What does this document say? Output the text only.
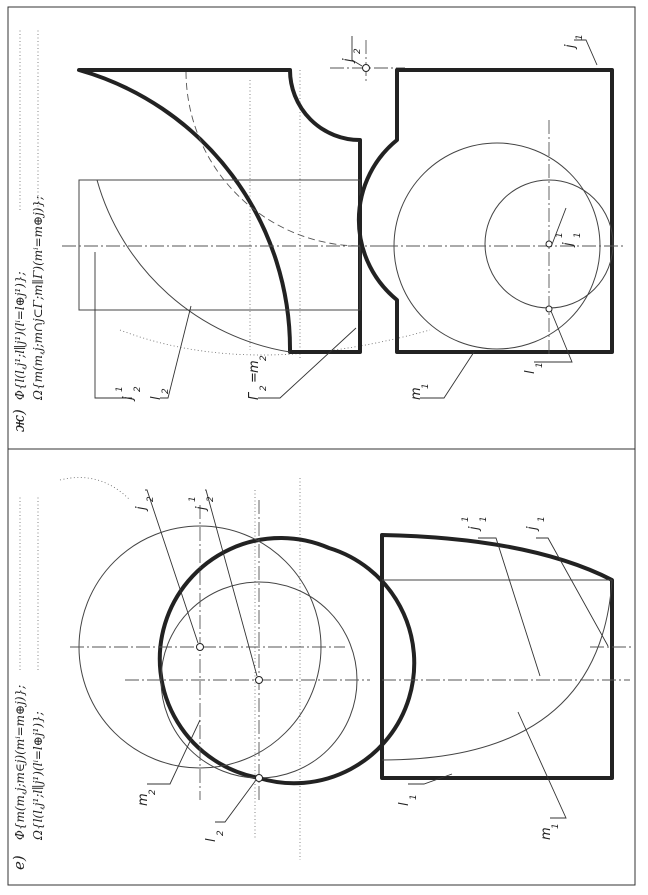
ж)
Φ{l(l,j¹;l∥j¹)(lⁱ=l⊕j¹)}; Ω{m(m,j;m∩j⊂Γ;m∥Γ)(mⁱ=m⊕j)};	j
2
1
l
2
Γ
2
=
m
2
m
1
l
1
j
1
1
j
2
j
1
е)
Φ{m(m,j;m∈j)(mⁱ=m⊕j)}; Ω{l(l,j¹;l∥j¹)(lⁱ=l⊕j¹)};
j
2
j
2
1
m
2
l
2
j
1
1
j
1
l
1
m
1
